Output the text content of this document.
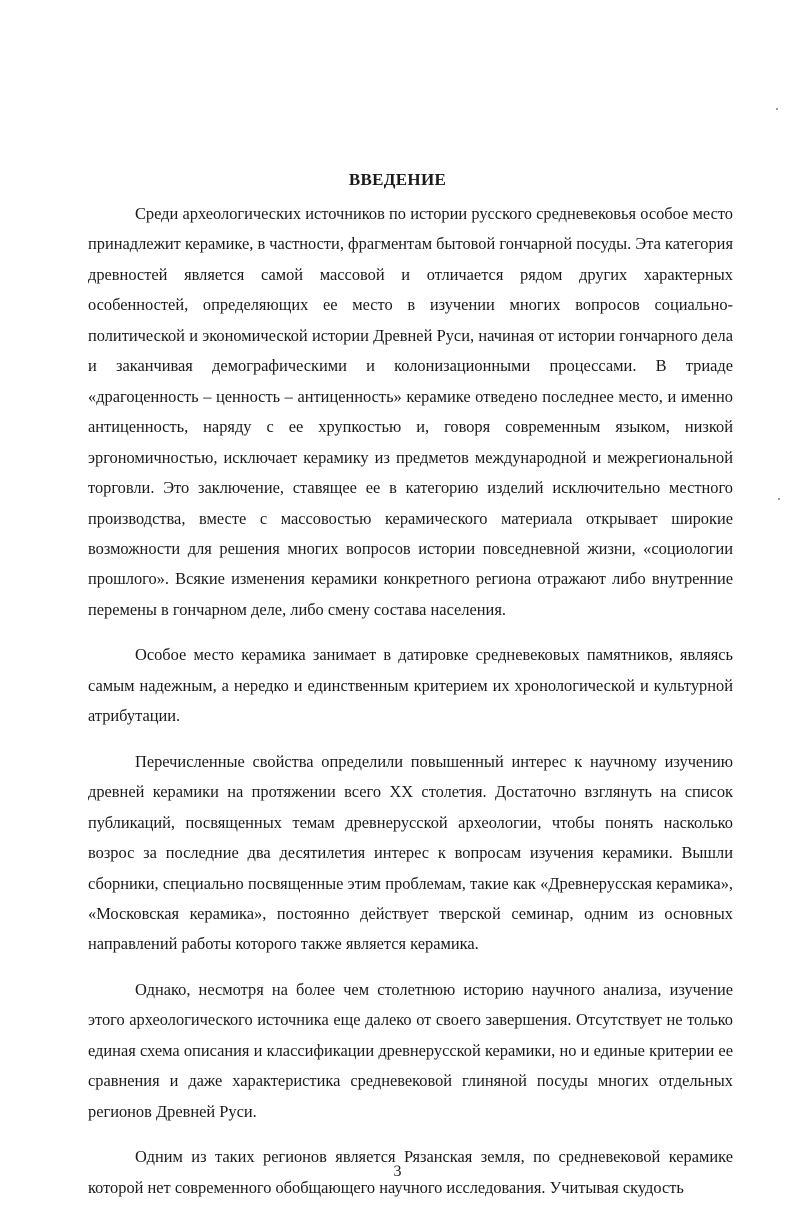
ВВЕДЕНИЕ

Среди археологических источников по истории русского средневековья особое место принадлежит керамике, в частности, фрагментам бытовой гончарной посуды. Эта категория древностей является самой массовой и отличается рядом других характерных особенностей, определяющих ее место в изучении многих вопросов социально-политической и экономической истории Древней Руси, начиная от истории гончарного дела и заканчивая демографическими и колонизационными процессами. В триаде «драгоценность – ценность – антиценность» керамике отведено последнее место, и именно антиценность, наряду с ее хрупкостью и, говоря современным языком, низкой эргономичностью, исключает керамику из предметов международной и межрегиональной торговли. Это заключение, ставящее ее в категорию изделий исключительно местного производства, вместе с массовостью керамического материала открывает широкие возможности для решения многих вопросов истории повседневной жизни, «социологии прошлого». Всякие изменения керамики конкретного региона отражают либо внутренние перемены в гончарном деле, либо смену состава населения.

Особое место керамика занимает в датировке средневековых памятников, являясь самым надежным, а нередко и единственным критерием их хронологической и культурной атрибутации.

Перечисленные свойства определили повышенный интерес к научному изучению древней керамики на протяжении всего XX столетия. Достаточно взглянуть на список публикаций, посвященных темам древнерусской археологии, чтобы понять насколько возрос за последние два десятилетия интерес к вопросам изучения керамики. Вышли сборники, специально посвященные этим проблемам, такие как «Древнерусская керамика», «Московская керамика», постоянно действует тверской семинар, одним из основных направлений работы которого также является керамика.

Однако, несмотря на более чем столетнюю историю научного анализа, изучение этого археологического источника еще далеко от своего завершения. Отсутствует не только единая схема описания и классификации древнерусской керамики, но и единые критерии ее сравнения и даже характеристика средневековой глиняной посуды многих отдельных регионов Древней Руси.

Одним из таких регионов является Рязанская земля, по средневековой керамике которой нет современного обобщающего научного исследования. Учитывая скудость

3
